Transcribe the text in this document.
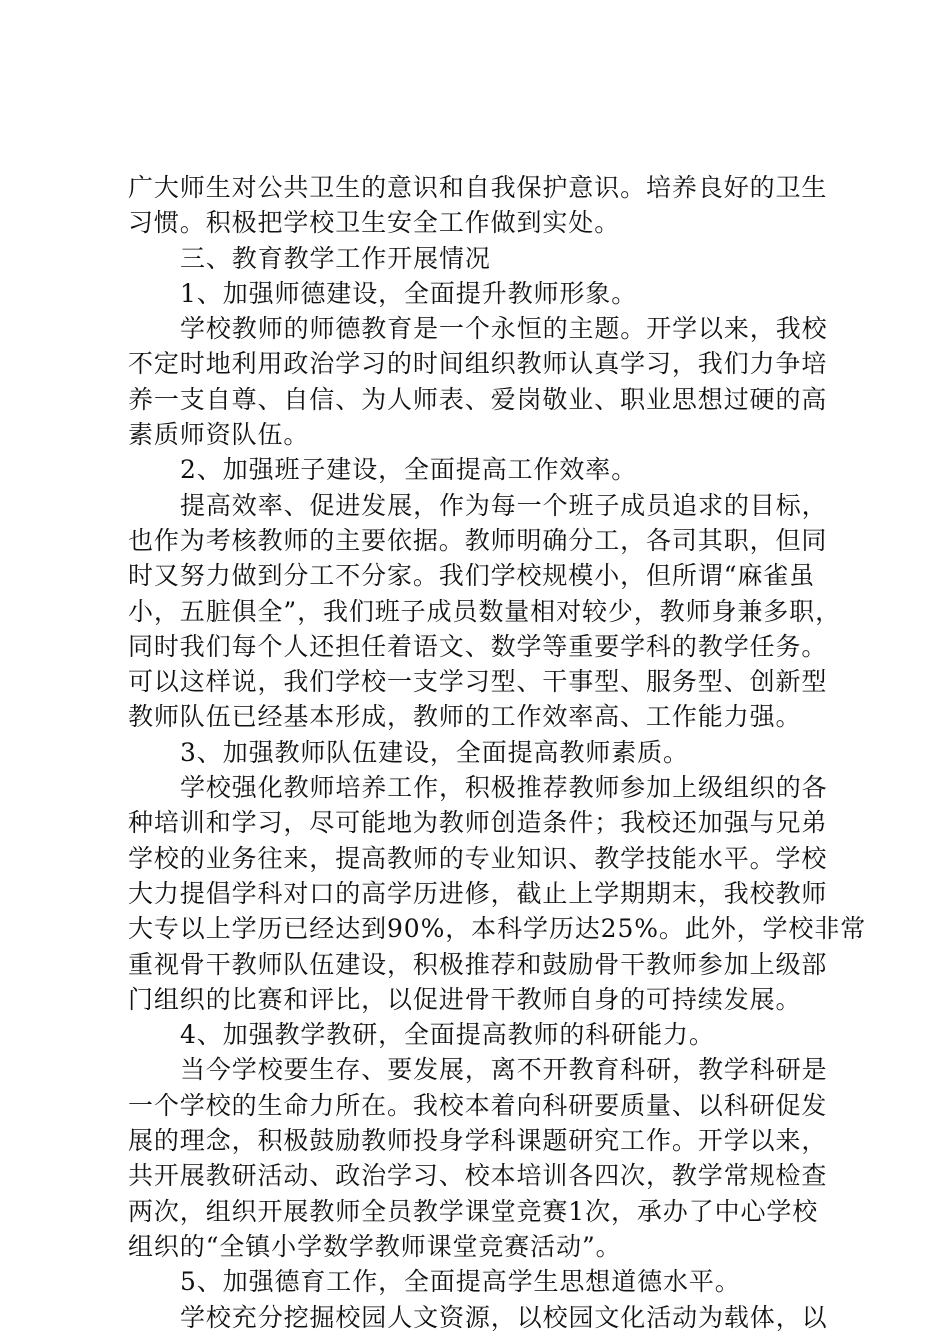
广大师生对公共卫生的意识和自我保护意识。培养良好的卫生
习惯。积极把学校卫生安全工作做到实处。
三、教育教学工作开展情况
1、加强师德建设，全面提升教师形象。
学校教师的师德教育是一个永恒的主题。开学以来，我校
不定时地利用政治学习的时间组织教师认真学习，我们力争培
养一支自尊、自信、为人师表、爱岗敬业、职业思想过硬的高
素质师资队伍。
2、加强班子建设，全面提高工作效率。
提高效率、促进发展，作为每一个班子成员追求的目标，
也作为考核教师的主要依据。教师明确分工，各司其职，但同
时又努力做到分工不分家。我们学校规模小，但所谓“麻雀虽
小，五脏俱全”，我们班子成员数量相对较少，教师身兼多职，
同时我们每个人还担任着语文、数学等重要学科的教学任务。
可以这样说，我们学校一支学习型、干事型、服务型、创新型
教师队伍已经基本形成，教师的工作效率高、工作能力强。
3、加强教师队伍建设，全面提高教师素质。
学校强化教师培养工作，积极推荐教师参加上级组织的各
种培训和学习，尽可能地为教师创造条件；我校还加强与兄弟
学校的业务往来，提高教师的专业知识、教学技能水平。学校
大力提倡学科对口的高学历进修，截止上学期期末，我校教师
大专以上学历已经达到90%，本科学历达25%。此外，学校非常
重视骨干教师队伍建设，积极推荐和鼓励骨干教师参加上级部
门组织的比赛和评比，以促进骨干教师自身的可持续发展。
4、加强教学教研，全面提高教师的科研能力。
当今学校要生存、要发展，离不开教育科研，教学科研是
一个学校的生命力所在。我校本着向科研要质量、以科研促发
展的理念，积极鼓励教师投身学科课题研究工作。开学以来，
共开展教研活动、政治学习、校本培训各四次，教学常规检查
两次，组织开展教师全员教学课堂竞赛1次，承办了中心学校
组织的“全镇小学数学教师课堂竞赛活动”。
5、加强德育工作，全面提高学生思想道德水平。
学校充分挖掘校园人文资源，以校园文化活动为载体，以
